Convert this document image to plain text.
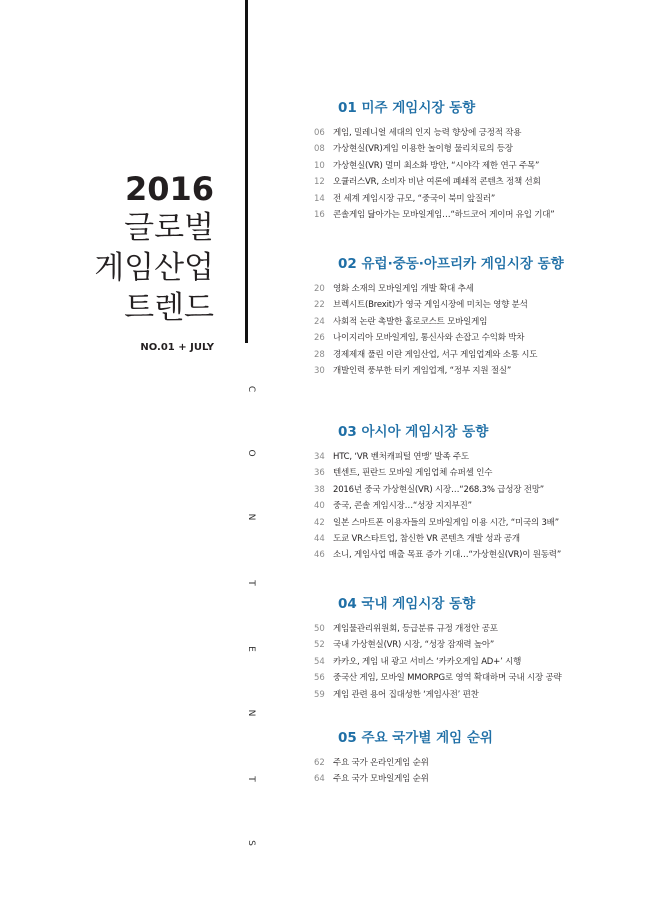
2016
글로벌
게임산업
트렌드
NO.01 + JULY
C
O
N
T
E
N
T
S
01 미주 게임시장 동향
06 게임, 밀레니얼 세대의 인지 능력 향상에 긍정적 작용
08 가상현실(VR)게임 이용한 놀이형 물리치료의 등장
10 가상현실(VR) 멀미 최소화 방안, “시야각 제한 연구 주목”
12 오큘러스VR, 소비자 비난 여론에 폐쇄적 콘텐츠 정책 선회
14 전 세계 게임시장 규모, “중국이 북미 앞질러”
16 콘솔게임 닮아가는 모바일게임…“하드코어 게이머 유입 기대”
02 유럽·중동·아프리카 게임시장 동향
20 영화 소재의 모바일게임 개발 확대 추세
22 브렉시트(Brexit)가 영국 게임시장에 미치는 영향 분석
24 사회적 논란 촉발한 홀로코스트 모바일게임
26 나이지리아 모바일게임, 통신사와 손잡고 수익화 박차
28 경제제재 풀린 이란 게임산업, 서구 게임업계와 소통 시도
30 개발인력 풍부한 터키 게임업계, “정부 지원 절실”
03 아시아 게임시장 동향
34 HTC, ‘VR 벤처캐피털 연맹’ 발족 주도
36 텐센트, 핀란드 모바일 게임업체 슈퍼셀 인수
38 2016년 중국 가상현실(VR) 시장…“268.3% 급성장 전망”
40 중국, 콘솔 게임시장…“성장 지지부진”
42 일본 스마트폰 이용자들의 모바일게임 이용 시간, “미국의 3배”
44 도쿄 VR스타트업, 참신한 VR 콘텐츠 개발 성과 공개
46 소니, 게임사업 매출 목표 증가 기대…“가상현실(VR)이 원동력”
04 국내 게임시장 동향
50 게임물관리위원회, 등급분류 규정 개정안 공포
52 국내 가상현실(VR) 시장, “성장 잠재력 높아”
54 카카오, 게임 내 광고 서비스 ‘카카오게임 AD+’ 시행
56 중국산 게임, 모바일 MMORPG로 영역 확대하며 국내 시장 공략
59 게임 관련 용어 집대성한 ‘게임사전’ 편찬
05 주요 국가별 게임 순위
62 주요 국가 온라인게임 순위
64 주요 국가 모바일게임 순위
